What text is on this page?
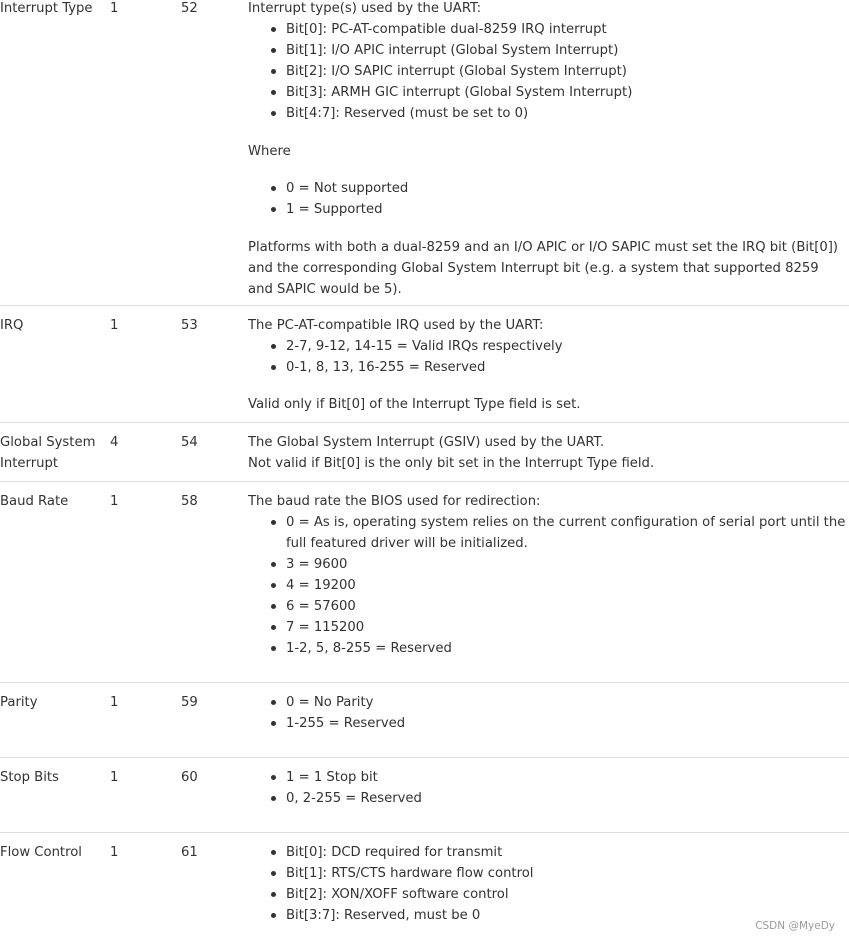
Interrupt Type	1	52	Interrupt type(s) used by the UART:

Bit[0]: PC-AT-compatible dual-8259 IRQ interrupt
Bit[1]: I/O APIC interrupt (Global System Interrupt)
Bit[2]: I/O SAPIC interrupt (Global System Interrupt)
Bit[3]: ARMH GIC interrupt (Global System Interrupt)
Bit[4:7]: Reserved (must be set to 0)

Where

0 = Not supported
1 = Supported

Platforms with both a dual-8259 and an I/O APIC or I/O SAPIC must set the IRQ bit (Bit[0]) and the corresponding Global System Interrupt bit (e.g. a system that supported 8259 and SAPIC would be 5).

IRQ	1	53	The PC-AT-compatible IRQ used by the UART:

2-7, 9-12, 14-15 = Valid IRQs respectively
0-1, 8, 13, 16-255 = Reserved

Valid only if Bit[0] of the Interrupt Type field is set.

Global System
Interrupt
4	54	The Global System Interrupt (GSIV) used by the UART.
Not valid if Bit[0] is the only bit set in the Interrupt Type field.
Baud Rate	1	58	The baud rate the BIOS used for redirection:

0 = As is, operating system relies on the current configuration of serial port until the full featured driver will be initialized.
3 = 9600
4 = 19200
6 = 57600
7 = 115200
1-2, 5, 8-255 = Reserved
Parity	1	59	0 = No Parity
1-255 = Reserved
Stop Bits	1	60	1 = 1 Stop bit
0, 2-255 = Reserved
Flow Control	1	61	Bit[0]: DCD required for transmit
Bit[1]: RTS/CTS hardware flow control
Bit[2]: XON/XOFF software control
Bit[3:7]: Reserved, must be 0
CSDN @MyeDy
